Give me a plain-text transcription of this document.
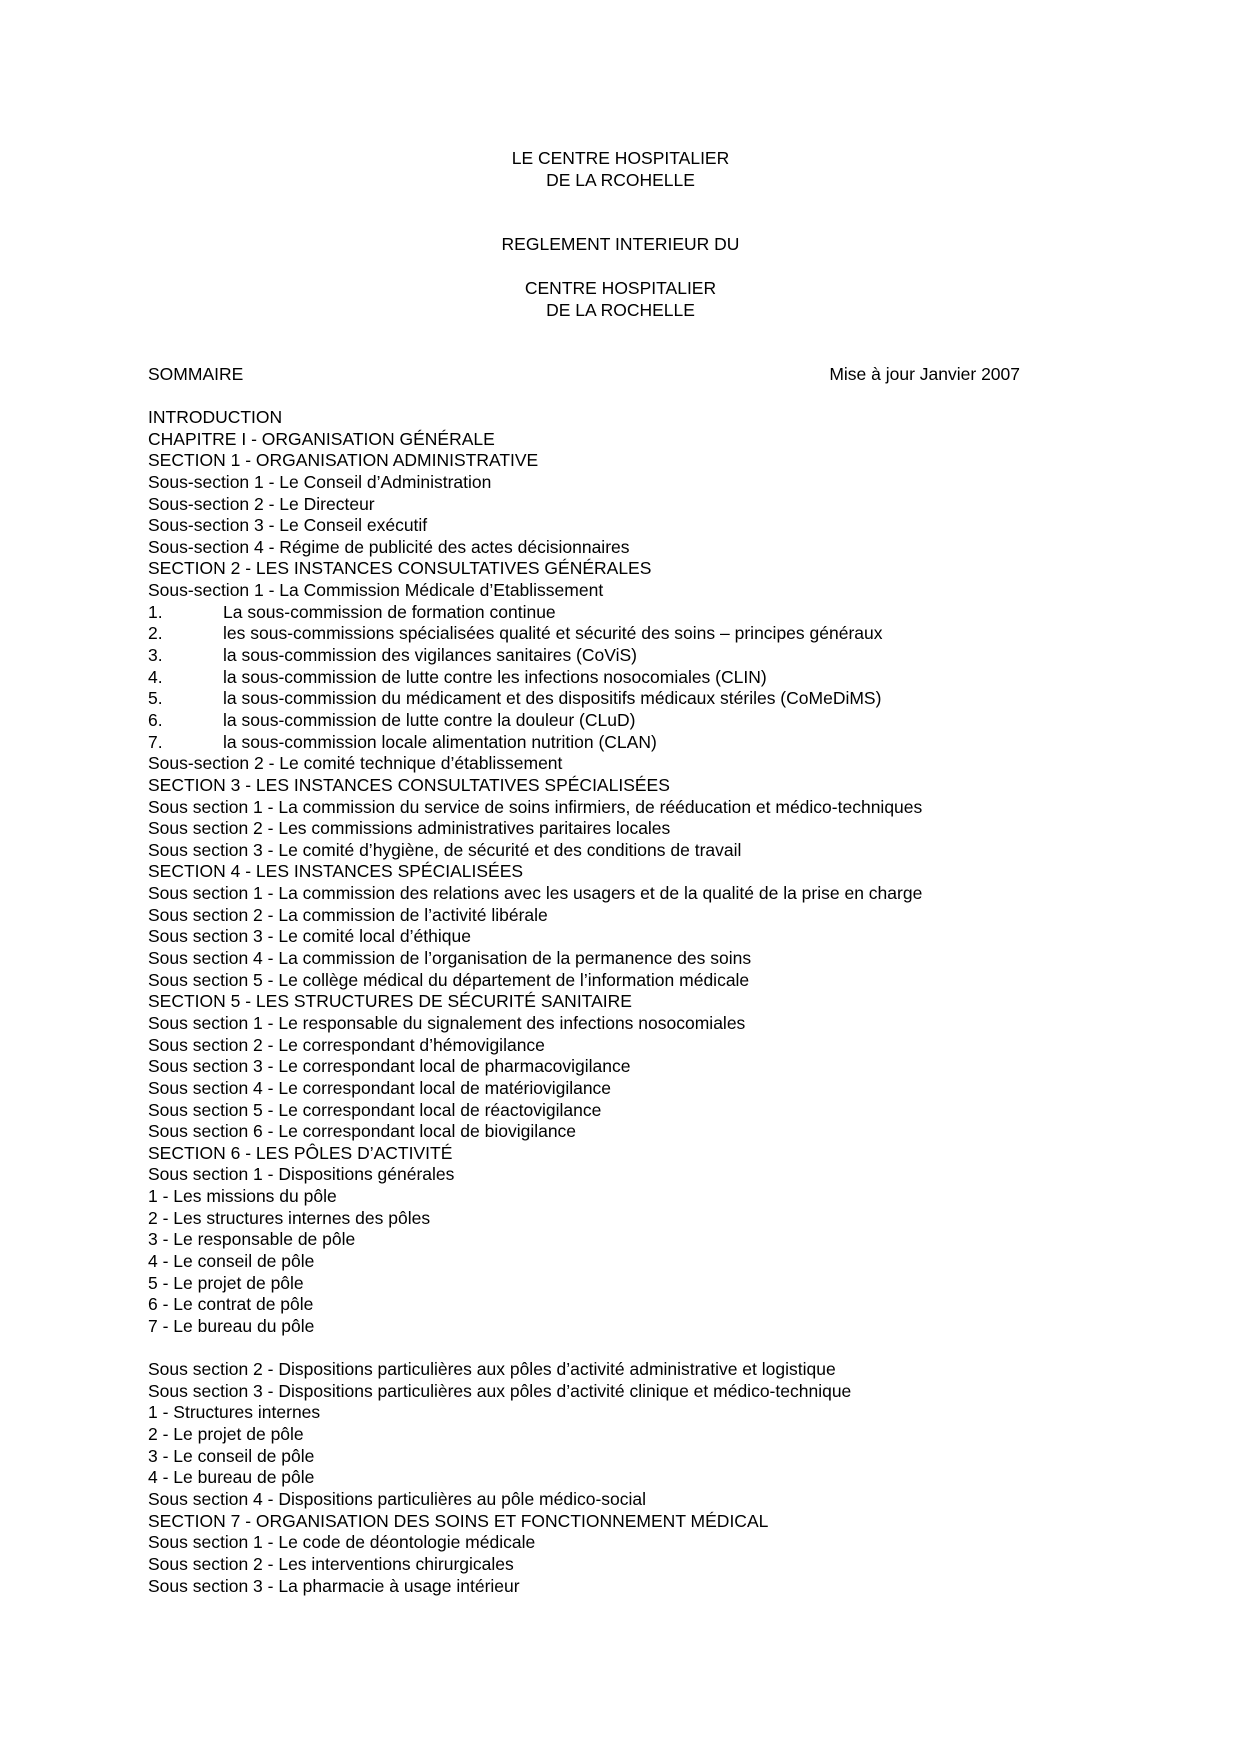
LE CENTRE HOSPITALIER
DE LA RCOHELLE
REGLEMENT INTERIEUR DU
CENTRE HOSPITALIER
DE LA ROCHELLE
SOMMAIRE	Mise à jour Janvier 2007
INTRODUCTION
CHAPITRE I - ORGANISATION GÉNÉRALE
SECTION 1 - ORGANISATION ADMINISTRATIVE
Sous-section 1 - Le Conseil d’Administration
Sous-section 2 - Le Directeur
Sous-section 3 - Le Conseil exécutif
Sous-section 4 - Régime de publicité des actes décisionnaires
SECTION 2 - LES INSTANCES CONSULTATIVES GÉNÉRALES
Sous-section 1 - La Commission Médicale d’Etablissement
1.	La sous-commission de formation continue
2.	les sous-commissions spécialisées qualité et sécurité des soins – principes généraux
3.	la sous-commission des vigilances sanitaires (CoViS)
4.	la sous-commission de lutte contre les infections nosocomiales (CLIN)
5.	la sous-commission du médicament et des dispositifs médicaux stériles (CoMeDiMS)
6.	la sous-commission de lutte contre la douleur (CLuD)
7.	la sous-commission locale alimentation nutrition (CLAN)
Sous-section 2 - Le comité technique d’établissement
SECTION 3 - LES INSTANCES CONSULTATIVES SPÉCIALISÉES
Sous section 1 - La commission du service de soins infirmiers, de rééducation et médico-techniques
Sous section 2 - Les commissions administratives paritaires locales
Sous section 3 - Le comité d’hygiène, de sécurité et des conditions de travail
SECTION 4 - LES INSTANCES SPÉCIALISÉES
Sous section 1 - La commission des relations avec les usagers et de la qualité de la prise en charge
Sous section 2 - La commission de l’activité libérale
Sous section 3 - Le comité local d’éthique
Sous section 4 - La commission de l’organisation de la permanence des soins
Sous section 5 - Le collège médical du département de l’information médicale
SECTION 5 - LES STRUCTURES DE SÉCURITÉ SANITAIRE
Sous section 1 - Le responsable du signalement des infections nosocomiales
Sous section 2 - Le correspondant d’hémovigilance
Sous section 3 - Le correspondant local de pharmacovigilance
Sous section 4 - Le correspondant local de matériovigilance
Sous section 5 - Le correspondant local de réactovigilance
Sous section 6 - Le correspondant local de biovigilance
SECTION 6 - LES PÔLES D’ACTIVITÉ
Sous section 1 - Dispositions générales
1 - Les missions du pôle
2 - Les structures internes des pôles
3 - Le responsable de pôle
4 - Le conseil de pôle
5 - Le projet de pôle
6 - Le contrat de pôle
7 - Le bureau du pôle
Sous section 2 - Dispositions particulières aux pôles d’activité administrative et logistique
Sous section 3 - Dispositions particulières aux pôles d’activité clinique et médico-technique
1 - Structures internes
2 - Le projet de pôle
3 - Le conseil de pôle
4 - Le bureau de pôle
Sous section 4 - Dispositions particulières au pôle médico-social
SECTION 7 - ORGANISATION DES SOINS ET FONCTIONNEMENT MÉDICAL
Sous section 1 - Le code de déontologie médicale
Sous section 2 - Les interventions chirurgicales
Sous section 3 - La pharmacie à usage intérieur
